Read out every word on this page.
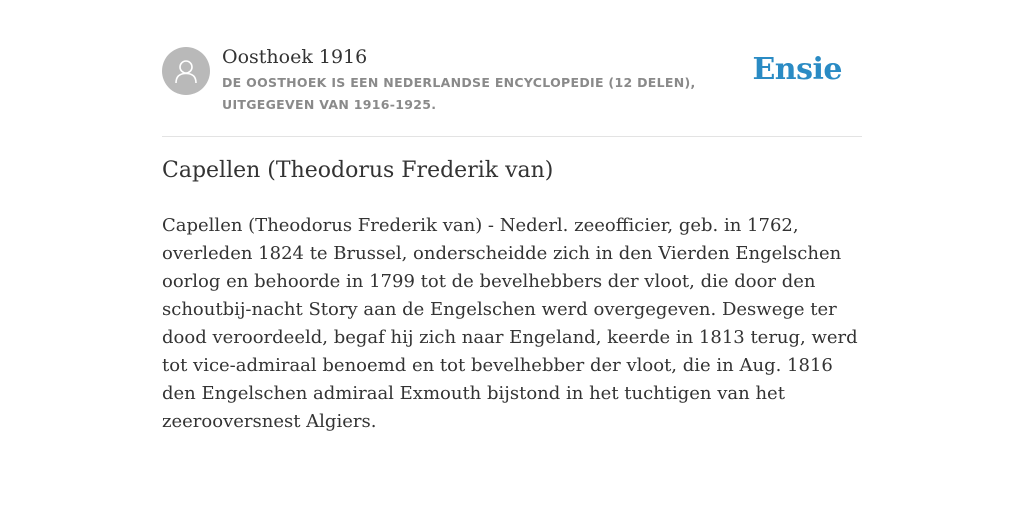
Oosthoek 1916
DE OOSTHOEK IS EEN NEDERLANDSE ENCYCLOPEDIE (12 DELEN), UITGEGEVEN VAN 1916-1925.
Ensie
Capellen (Theodorus Frederik van)

Capellen (Theodorus Frederik van) - Nederl. zeeofficier, geb. in 1762, overleden 1824 te Brussel, onderscheidde zich in den Vierden Engelschen oorlog en behoorde in 1799 tot de bevelhebbers der vloot, die door den schoutbij-nacht Story aan de Engelschen werd overgegeven. Deswege ter dood veroordeeld, begaf hij zich naar Engeland, keerde in 1813 terug, werd tot vice-admiraal benoemd en tot bevelhebber der vloot, die in Aug. 1816 den Engelschen admiraal Exmouth bijstond in het tuchtigen van het zeerooversnest Algiers.
